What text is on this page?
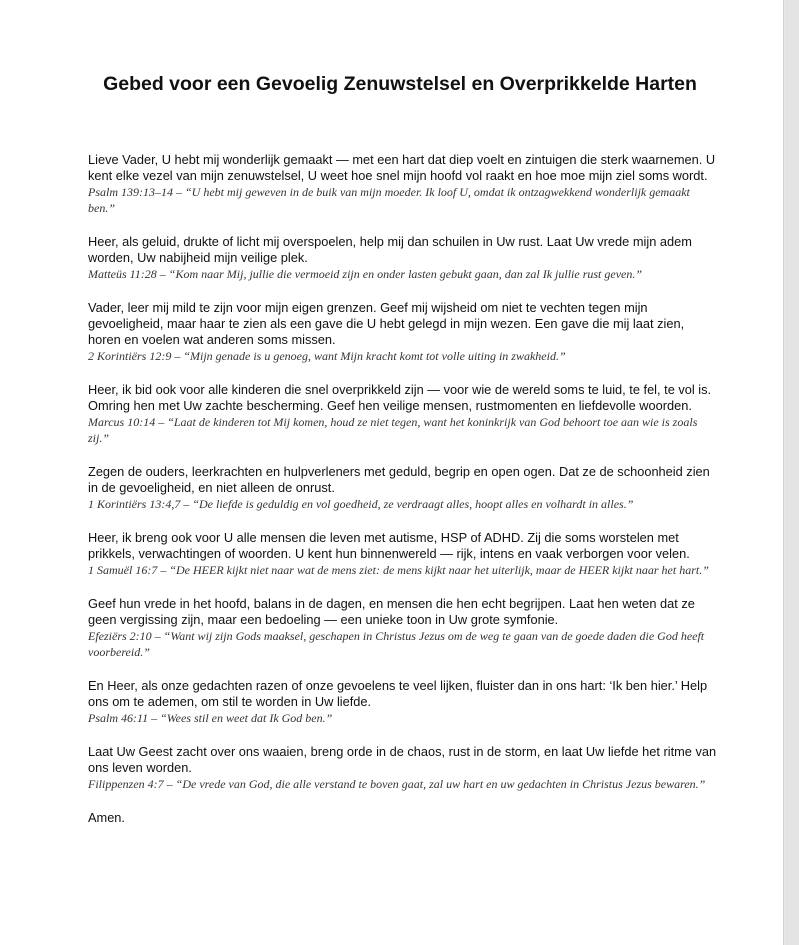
Gebed voor een Gevoelig Zenuwstelsel en Overprikkelde Harten

Lieve Vader, U hebt mij wonderlijk gemaakt — met een hart dat diep voelt en zintuigen die sterk waarnemen. U kent elke vezel van mijn zenuwstelsel, U weet hoe snel mijn hoofd vol raakt en hoe moe mijn ziel soms wordt.

Psalm 139:13–14 – “U hebt mij geweven in de buik van mijn moeder. Ik loof U, omdat ik ontzagwekkend wonderlijk gemaakt ben.”

Heer, als geluid, drukte of licht mij overspoelen, help mij dan schuilen in Uw rust. Laat Uw vrede mijn adem worden, Uw nabijheid mijn veilige plek.

Matteüs 11:28 – “Kom naar Mij, jullie die vermoeid zijn en onder lasten gebukt gaan, dan zal Ik jullie rust geven.”

Vader, leer mij mild te zijn voor mijn eigen grenzen. Geef mij wijsheid om niet te vechten tegen mijn gevoeligheid, maar haar te zien als een gave die U hebt gelegd in mijn wezen. Een gave die mij laat zien, horen en voelen wat anderen soms missen.

2 Korintiërs 12:9 – “Mijn genade is u genoeg, want Mijn kracht komt tot volle uiting in zwakheid.”

Heer, ik bid ook voor alle kinderen die snel overprikkeld zijn — voor wie de wereld soms te luid, te fel, te vol is. Omring hen met Uw zachte bescherming. Geef hen veilige mensen, rustmomenten en liefdevolle woorden.

Marcus 10:14 – “Laat de kinderen tot Mij komen, houd ze niet tegen, want het koninkrijk van God behoort toe aan wie is zoals zij.”

Zegen de ouders, leerkrachten en hulpverleners met geduld, begrip en open ogen. Dat ze de schoonheid zien in de gevoeligheid, en niet alleen de onrust.

1 Korintiërs 13:4,7 – “De liefde is geduldig en vol goedheid, ze verdraagt alles, hoopt alles en volhardt in alles.”

Heer, ik breng ook voor U alle mensen die leven met autisme, HSP of ADHD. Zij die soms worstelen met prikkels, verwachtingen of woorden. U kent hun binnenwereld — rijk, intens en vaak verborgen voor velen.

1 Samuël 16:7 – “De HEER kijkt niet naar wat de mens ziet: de mens kijkt naar het uiterlijk, maar de HEER kijkt naar het hart.”

Geef hun vrede in het hoofd, balans in de dagen, en mensen die hen echt begrijpen. Laat hen weten dat ze geen vergissing zijn, maar een bedoeling — een unieke toon in Uw grote symfonie.

Efeziërs 2:10 – “Want wij zijn Gods maaksel, geschapen in Christus Jezus om de weg te gaan van de goede daden die God heeft voorbereid.”

En Heer, als onze gedachten razen of onze gevoelens te veel lijken, fluister dan in ons hart: ‘Ik ben hier.’ Help ons om te ademen, om stil te worden in Uw liefde.

Psalm 46:11 – “Wees stil en weet dat Ik God ben.”

Laat Uw Geest zacht over ons waaien, breng orde in de chaos, rust in de storm, en laat Uw liefde het ritme van ons leven worden.

Filippenzen 4:7 – “De vrede van God, die alle verstand te boven gaat, zal uw hart en uw gedachten in Christus Jezus bewaren.”

Amen.
